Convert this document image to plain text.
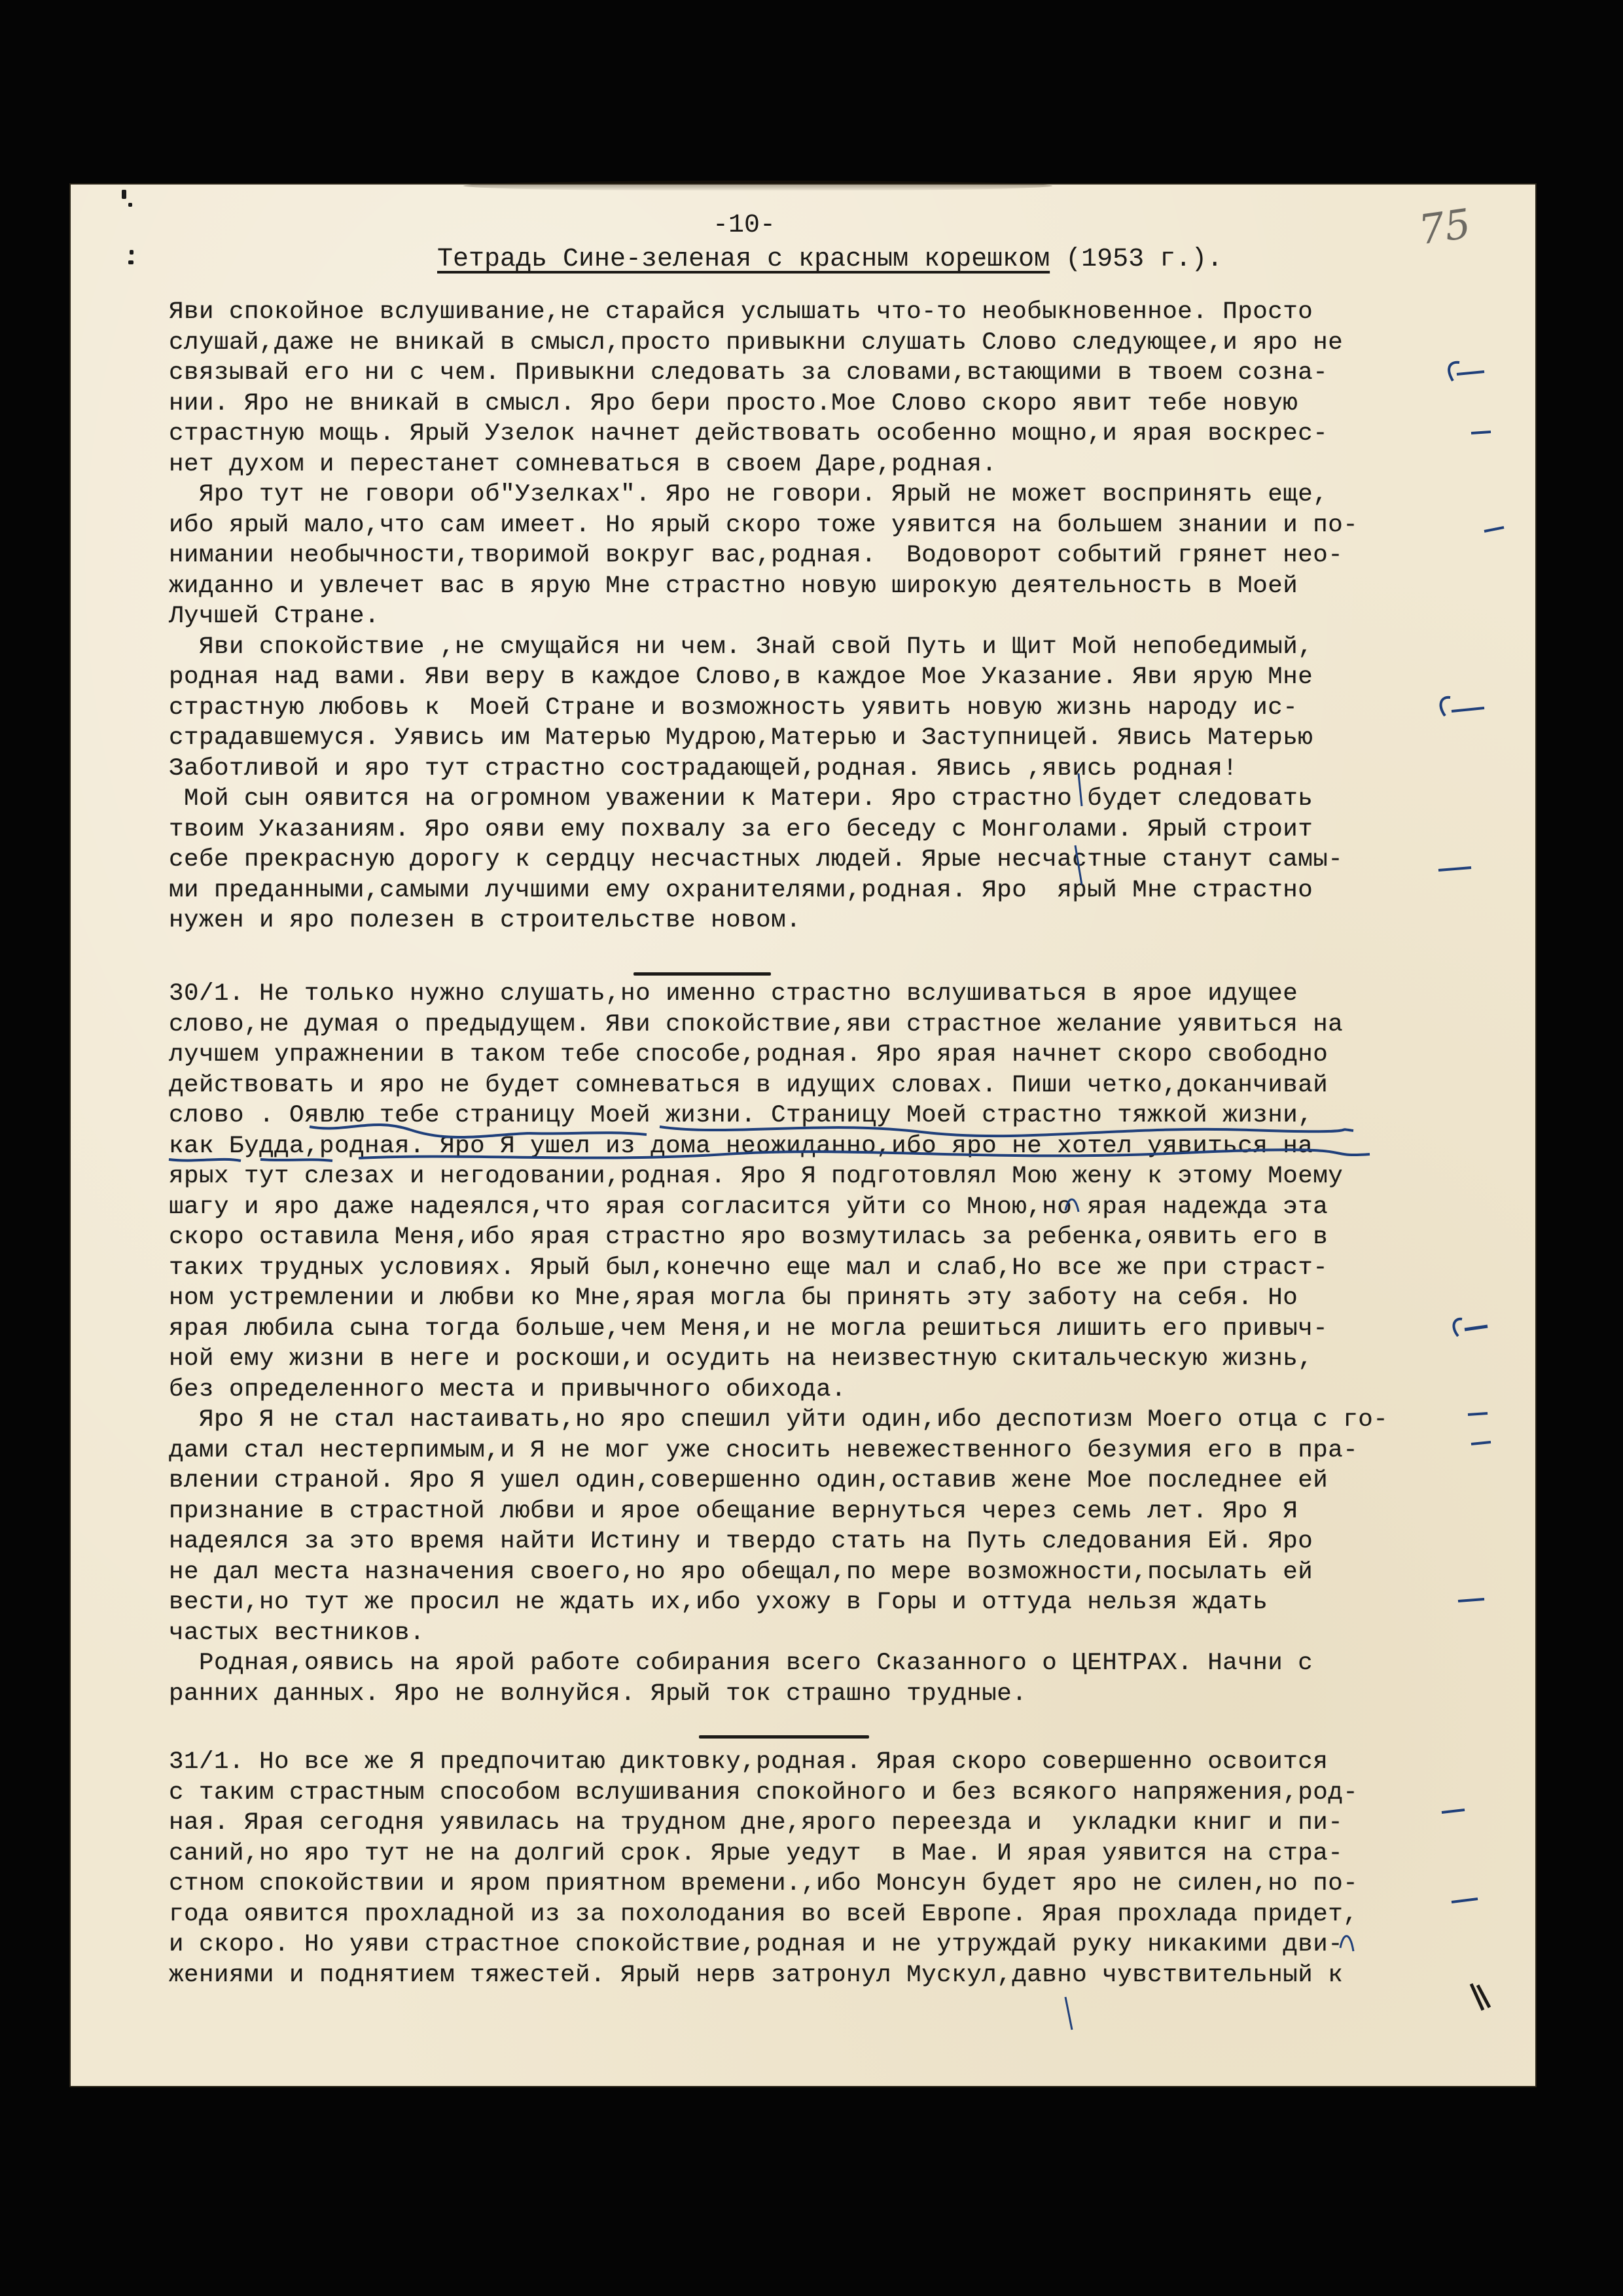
-10-	75
Тетрадь Сине-зеленая с красным корешком (1953 г.).

Яви спокойное вслушивание,не старайся услышать что-то необыкновенное. Просто

слушай,даже не вникай в смысл,просто привыкни слушать Слово следующее,и яро не

связывай его ни с чем. Привыкни следовать за словами,встающими в твоем созна-

нии. Яро не вникай в смысл. Яро бери просто.Мое Слово скоро явит тебе новую

страстную мощь. Ярый Узелок начнет действовать особенно мощно,и ярая воскрес-

нет духом и перестанет сомневаться в своем Даре,родная.

Яро тут не говори об"Узелках". Яро не говори. Ярый не может воспринять еще,

ибо ярый мало,что сам имеет. Но ярый скоро тоже уявится на большем знании и по-

нимании необычности,творимой вокруг вас,родная.  Водоворот событий грянет нео-

жиданно и увлечет вас в ярую Мне страстно новую широкую деятельность в Моей

Лучшей Стране.

Яви спокойствие ,не смущайся ни чем. Знай свой Путь и Щит Мой непобедимый,

родная над вами. Яви веру в каждое Слово,в каждое Мое Указание. Яви ярую Мне

страстную любовь к  Моей Стране и возможность уявить новую жизнь народу ис-

страдавшемуся. Уявись им Матерью Мудрою,Матерью и Заступницей. Явись Матерью

Заботливой и яро тут страстно сострадающей,родная. Явись ,явись родная!

Мой сын оявится на огромном уважении к Матери. Яро страстно будет следовать

твоим Указаниям. Яро ояви ему похвалу за его беседу с Монголами. Ярый строит

себе прекрасную дорогу к сердцу несчастных людей. Ярые несчастные станут самы-

ми преданными,самыми лучшими ему охранителями,родная. Яро  ярый Мне страстно

нужен и яро полезен в строительстве новом.

30/1. Не только нужно слушать,но именно страстно вслушиваться в ярое идущее

слово,не думая о предыдущем. Яви спокойствие,яви страстное желание уявиться на

лучшем упражнении в таком тебе способе,родная. Яро ярая начнет скоро свободно

действовать и яро не будет сомневаться в идущих словах. Пиши четко,доканчивай

слово . Оявлю тебе страницу Моей жизни. Страницу Моей страстно тяжкой жизни,

как Будда,родная. Яро Я ушел из дома неожиданно,ибо яро не хотел уявиться на

ярых тут слезах и негодовании,родная. Яро Я подготовлял Мою жену к этому Моему

шагу и яро даже надеялся,что ярая согласится уйти со Мною,но ярая надежда эта

скоро оставила Меня,ибо ярая страстно яро возмутилась за ребенка,оявить его в

таких трудных условиях. Ярый был,конечно еще мал и слаб,Но все же при страст-

ном устремлении и любви ко Мне,ярая могла бы принять эту заботу на себя. Но

ярая любила сына тогда больше,чем Меня,и не могла решиться лишить его привыч-

ной ему жизни в неге и роскоши,и осудить на неизвестную скитальческую жизнь,

без определенного места и привычного обихода.

Яро Я не стал настаивать,но яро спешил уйти один,ибо деспотизм Моего отца с го-

дами стал нестерпимым,и Я не мог уже сносить невежественного безумия его в пра-

влении страной. Яро Я ушел один,совершенно один,оставив жене Мое последнее ей

признание в страстной любви и ярое обещание вернуться через семь лет. Яро Я

надеялся за это время найти Истину и твердо стать на Путь следования Ей. Яро

не дал места назначения своего,но яро обещал,по мере возможности,посылать ей

вести,но тут же просил не ждать их,ибо ухожу в Горы и оттуда нельзя ждать

частых вестников.

Родная,оявись на ярой работе собирания всего Сказанного о ЦЕНТРАХ. Начни с

ранних данных. Яро не волнуйся. Ярый ток страшно трудные.

31/1. Но все же Я предпочитаю диктовку,родная. Ярая скоро совершенно освоится

с таким страстным способом вслушивания спокойного и без всякого напряжения,род-

ная. Ярая сегодня уявилась на трудном дне,ярого переезда и  укладки книг и пи-

саний,но яро тут не на долгий срок. Ярые уедут  в Мае. И ярая уявится на стра-

стном спокойствии и яром приятном времени.,ибо Монсун будет яро не силен,но по-

года оявится прохладной из за похолодания во всей Европе. Ярая прохлада придет,

и скоро. Но уяви страстное спокойствие,родная и не утруждай руку никакими дви-

жениями и поднятием тяжестей. Ярый нерв затронул Мускул,давно чувствительный к
